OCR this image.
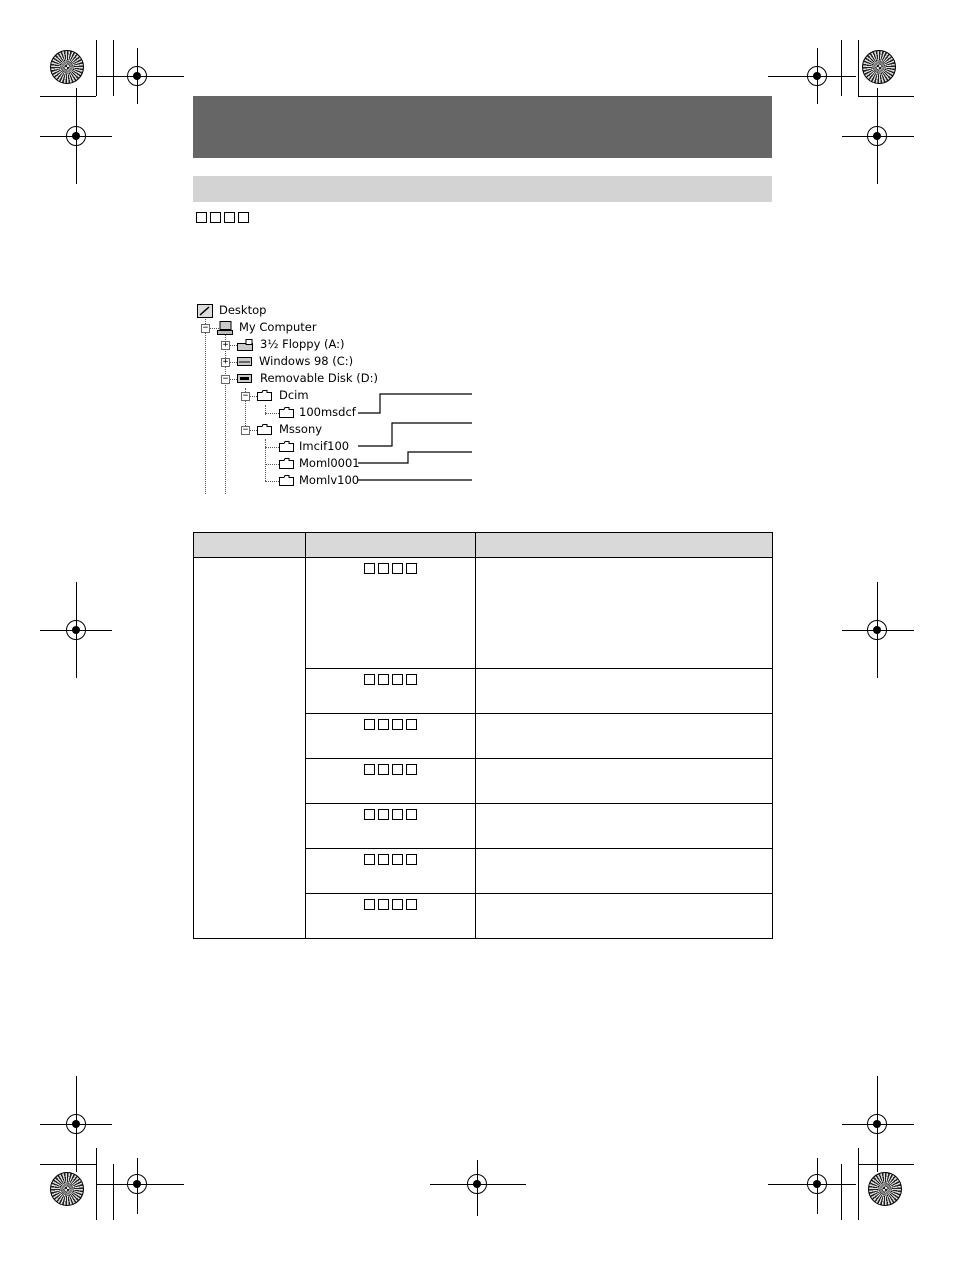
Desktop
−	My Computer
+	3½ Floppy (A:)
+	Windows 98 (C:)
−	Removable Disk (D:)
−	Dcim
100msdcf
−	Mssony
Imcif100
Moml0001
Momlv100
